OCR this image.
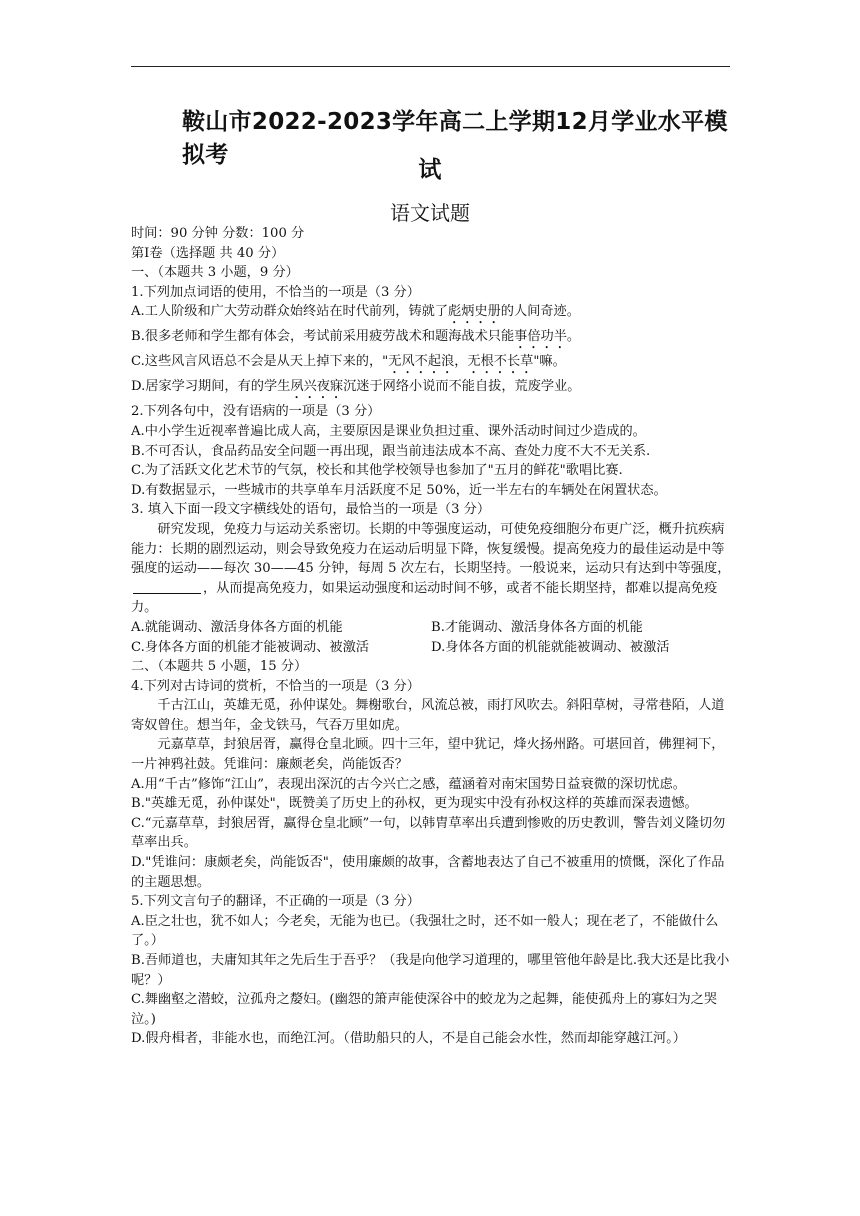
鞍山市2022-2023学年高二上学期12月学业水平模拟考
试
语文试题

时间：90 分钟 分数：100 分

第Ⅰ卷（选择题 共 40 分）

一、（本题共 3 小题，9 分）

1.下列加点词语的使用，不恰当的一项是（3 分）

A.工人阶级和广大劳动群众始终站在时代前列，铸就了彪炳史册的人间奇迹。

B.很多老师和学生都有体会，考试前采用疲劳战术和题海战术只能事倍功半。

C.这些风言风语总不会是从天上掉下来的，"无风不起浪，无根不长草"嘛。

D.居家学习期间，有的学生夙兴夜寐沉迷于网络小说而不能自拔，荒废学业。

2.下列各句中，没有语病的一项是（3 分）

A.中小学生近视率普遍比成人高，主要原因是课业负担过重、课外活动时间过少造成的。

B.不可否认，食品药品安全问题一再出现，跟当前违法成本不高、查处力度不大不无关系.

C.为了活跃文化艺术节的气氛，校长和其他学校领导也参加了"五月的鲜花"歌唱比赛.

D.有数据显示，一些城市的共享单车月活跃度不足 50%，近一半左右的车辆处在闲置状态。

3. 填入下面一段文字横线处的语句，最恰当的一项是（3 分）

研究发现，免疫力与运动关系密切。长期的中等强度运动，可使免疫细胞分布更广泛，概升抗疾病能力：长期的剧烈运动，则会导致免疫力在运动后明显下降，恢复缓慢。提高免疫力的最佳运动是中等强度的运动——每次 30——45 分钟，每周 5 次左右，长期坚持。一般说来，运动只有达到中等强度，，从而提高免疫力，如果运动强度和运动时间不够，或者不能长期坚持，都难以提高免疫力。

A.就能调动、激活身体各方面的机能	B.才能调动、激活身体各方面的机能
C.身体各方面的机能才能被调动、被激活	D.身体各方面的机能就能被调动、被激活

二、（本题共 5 小题，15 分）

4.下列对古诗词的赏析，不恰当的一项是（3 分）

千古江山，英雄无觅，孙仲谋处。舞榭歌台，风流总被，雨打风吹去。斜阳草树，寻常巷陌，人道寄奴曾住。想当年，金戈铁马，气吞万里如虎。

元嘉草草，封狼居胥，赢得仓皇北顾。四十三年，望中犹记，烽火扬州路。可堪回首，佛狸祠下，一片神鸦社鼓。凭谁问：廉颇老矣，尚能饭否？

A.用“千古”修饰“江山”，表现出深沉的古今兴亡之感，蕴涵着对南宋国势日益衰微的深切忧虑。

B."英雄无觅，孙仲谋处"，既赞美了历史上的孙权，更为现实中没有孙权这样的英雄而深表遗憾。

C.“元嘉草草，封狼居胥，赢得仓皇北顾”一句，以韩胄草率出兵遭到惨败的历史教训，警告刘义隆切勿草率出兵。

D."凭谁问：康颇老矣，尚能饭否"，使用廉颇的故事，含蓄地表达了自己不被重用的愤慨，深化了作品的主题思想。

5.下列文言句子的翻译，不正确的一项是（3 分）

A.臣之壮也，犹不如人；今老矣，无能为也已。（我强壮之时，还不如一般人；现在老了，不能做什么了。）

B.吾师道也，夫庸知其年之先后生于吾乎？（我是向他学习道理的，哪里管他年龄是比.我大还是比我小呢？）

C.舞幽壑之潜蛟，泣孤舟之嫠妇。(幽怨的箫声能使深谷中的蛟龙为之起舞，能使孤舟上的寡妇为之哭泣。)

D.假舟楫者，非能水也，而绝江河。（借助船只的人，不是自己能会水性，然而却能穿越江河。）
